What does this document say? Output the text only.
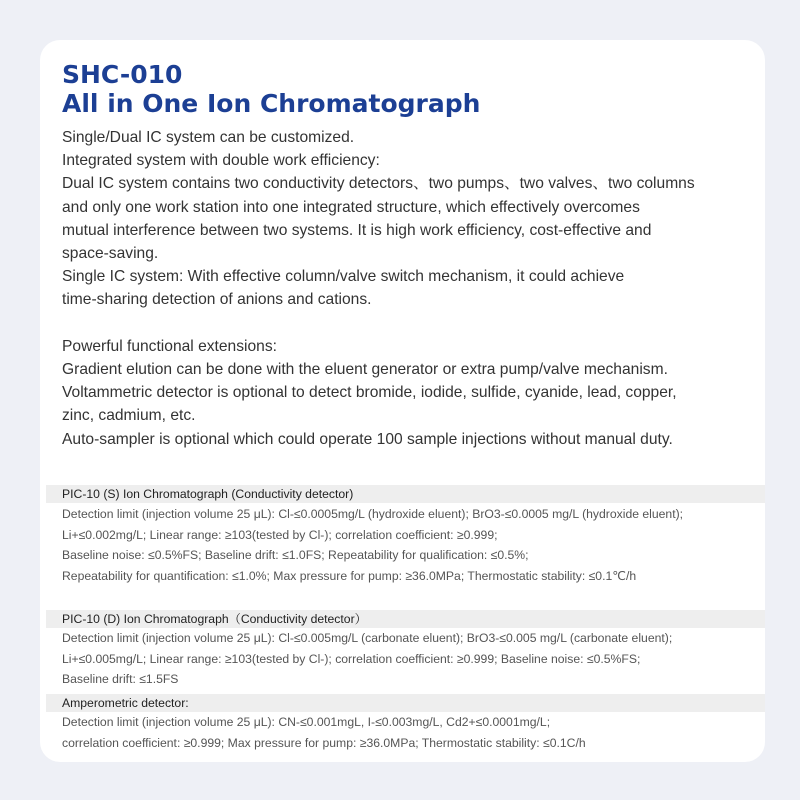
SHC-010
All in One Ion Chromatograph
Single/Dual IC system can be customized.
Integrated system with double work efficiency:
Dual IC system contains two conductivity detectors、two pumps、two valves、two columns
and only one work station into one integrated structure, which effectively overcomes
mutual interference between two systems. It is high work efficiency, cost-effective and
space-saving.
Single IC system: With effective column/valve switch mechanism, it could achieve
time-sharing detection of anions and cations.
Powerful functional extensions:
Gradient elution can be done with the eluent generator or extra pump/valve mechanism.
Voltammetric detector is optional to detect bromide, iodide, sulfide, cyanide, lead, copper,
zinc, cadmium, etc.
Auto-sampler is optional which could operate 100 sample injections without manual duty.
PIC-10 (S) Ion Chromatograph (Conductivity detector)
Detection limit (injection volume 25 μL): Cl-≤0.0005mg/L (hydroxide eluent); BrO3-≤0.0005 mg/L (hydroxide eluent);
Li+≤0.002mg/L; Linear range: ≥103(tested by Cl-); correlation coefficient: ≥0.999;
Baseline noise: ≤0.5%FS; Baseline drift: ≤1.0FS; Repeatability for qualification: ≤0.5%;
Repeatability for quantification: ≤1.0%; Max pressure for pump: ≥36.0MPa; Thermostatic stability: ≤0.1℃/h
PIC-10 (D) Ion Chromatograph（Conductivity detector）
Detection limit (injection volume 25 μL): Cl-≤0.005mg/L (carbonate eluent); BrO3-≤0.005 mg/L (carbonate eluent);
Li+≤0.005mg/L; Linear range: ≥103(tested by Cl-); correlation coefficient: ≥0.999; Baseline noise: ≤0.5%FS;
Baseline drift: ≤1.5FS
Amperometric detector:
Detection limit (injection volume 25 μL): CN-≤0.001mgL, I-≤0.003mg/L, Cd2+≤0.0001mg/L;
correlation coefficient: ≥0.999; Max pressure for pump: ≥36.0MPa; Thermostatic stability: ≤0.1C/h
